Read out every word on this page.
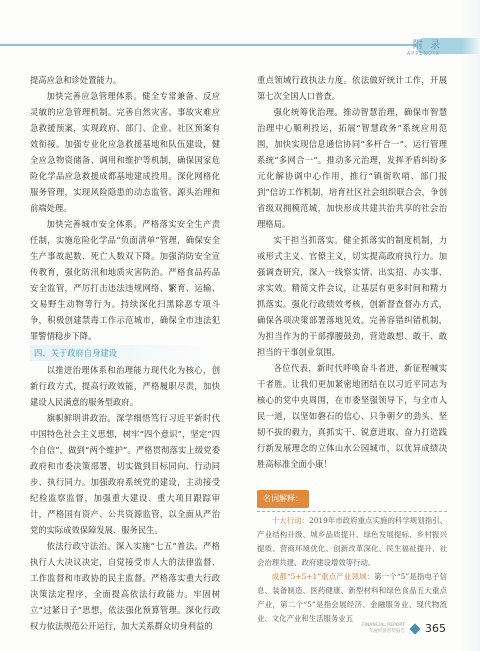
附 录
APPENDIX

提高应急和诊处置能力。

加快完善应急管理体系。健全专常兼备、反应灵敏的应急管理机制。完善自然灾害、事故灾难应急救援预案，实现政府、部门、企业、社区预案有效衔接。加强专业化应急救援基地和队伍建设，健全应急物资储备、调用和维护等机制，确保国家危险化学品应急救援成都基地建成投用。深化网格化服务管理，实现风险隐患的动态监管、源头治理和前端处理。

加快完善城市安全体系。严格落实安全生产责任制，实施危险化学品“负面清单”管理，确保安全生产事故起数、死亡人数双下降。加强消防安全宣传教育，强化防汛和地质灾害防治。严格食品药品安全监管，严厉打击违法违规网络、繁育、运输、交易野生动物等行为。持续深化扫黑除恶专项斗争，积极创建禁毒工作示范城市，确保全市违法犯罪警情稳步下降。

四、关于政府自身建设

以推进治理体系和治理能力现代化为核心，创新行政方式，提高行政效能，严格履职尽责，加快建设人民满意的服务型政府。

旗帜鲜明讲政治。深学细悟笃行习近平新时代中国特色社会主义思想，树牢“四个意识”，坚定“四个自信”，做到“两个维护”。严格贯彻落实上级党委政府和市委决策部署，切实做到目标同向、行动同步、执行同力。加强政府系统党的建设，主动接受纪检监察监督，加强重大建设、重大项目跟踪审计，严格国有资产、公共资源监管，以全面从严治党的实际成效保障发展、服务民生。

依法行政守法治。深入实施“七五”普法。严格执行人大决议决定，自觉接受市人大的法律监督、工作监督和市政协的民主监督。严格落实重大行政决策法定程序，全面提高依法行政能力。牢固树立“过紧日子”思想，依法强化预算管理。深化行政权力依法规范公开运行，加大关系群众切身利益的

重点领域行政执法力度。依法做好统计工作，开展第七次全国人口普查。

强化统筹优治理。推动智慧治理，确保市智慧治理中心顺利投运，拓展“智慧政务”系统应用范围，加快实现信息通信协同“多杆合一”、运行管理系统“多网合一”。推动多元治理，发挥矛盾纠纷多元化解协调中心作用，推行“镇街吹哨、部门报到”信访工作机制，培育社区社会组织联合会，争创省级双拥模范城，加快形成共建共治共享的社会治理格局。

实干担当抓落实。健全抓落实的制度机制，力戒形式主义、官僚主义，切实提高政府执行力。加强调查研究，深入一线察实情、出实招、办实事、求实效。精简文件会议，让基层有更多时间和精力抓落实。强化行政绩效考核，创新督查督办方式，确保各项决策部署落地见效。完善容错纠错机制，为担当作为的干部撑腰鼓劲，营造敢想、敢干、敢担当的干事创业氛围。

各位代表，新时代呼唤奋斗者进，新征程喊实干者胜。让我们更加紧密地团结在以习近平同志为核心的党中央周围，在市委坚强领导下，与全市人民一道，以坚如磐石的信心、只争朝夕的劲头、坚韧不拔的毅力，真抓实干、锐意进取、奋力打造践行新发展理念的立体山水公园城市，以优异成绩决胜高标准全面小康！

名词解释：

十大行动：2019年市政府重点实施的科学规划指引、产业结构升级、城乡品质提升、绿色发展提标、乡村振兴提质、营商环境优化、创新改革深化、民生福祉提升、社会治理共建、政府建设增效等行动。

成都“5+5+1”重点产业领域：第一个“5”是指电子信息、装备制造、医药健康、新型材料和绿色食品五大重点产业，第二个“5”是指会展经济、金融服务业、现代物流业、文化产业和生活服务业五

FINANCIAL REPORT
年度经济形势报告 365
